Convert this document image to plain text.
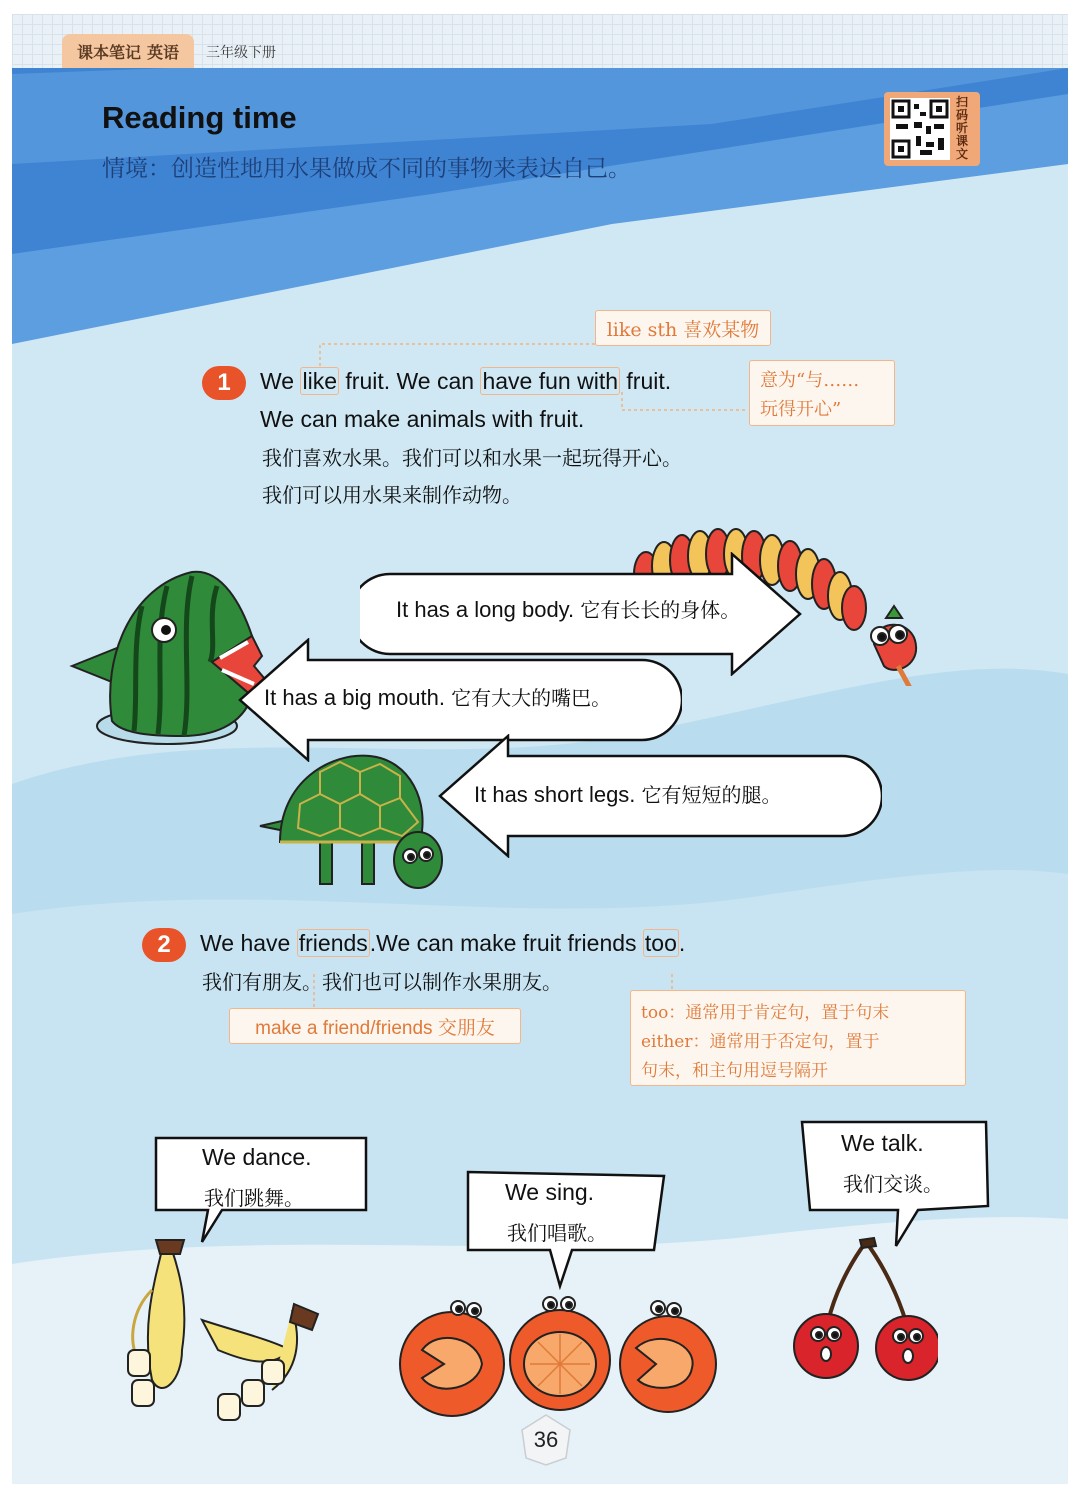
课本笔记 英语 三年级下册
Reading time
情境：创造性地用水果做成不同的事物来表达自己。
扫码听课文
like sth 喜欢某物
意为“与……
玩得开心”
1	We like fruit. We can have fun with fruit.
We can make animals with fruit.
我们喜欢水果。我们可以和水果一起玩得开心。
我们可以用水果来制作动物。
It has a long body. 它有长长的身体。
It has a big mouth. 它有大大的嘴巴。
It has short legs. 它有短短的腿。
2	We have friends.We can make fruit friends too.
我们有朋友。我们也可以制作水果朋友。
make a friend/friends 交朋友
too：通常用于肯定句，置于句末
either：通常用于否定句，置于
句末，和主句用逗号隔开
We dance.
我们跳舞。	We sing.
我们唱歌。
We talk.
我们交谈。
36
